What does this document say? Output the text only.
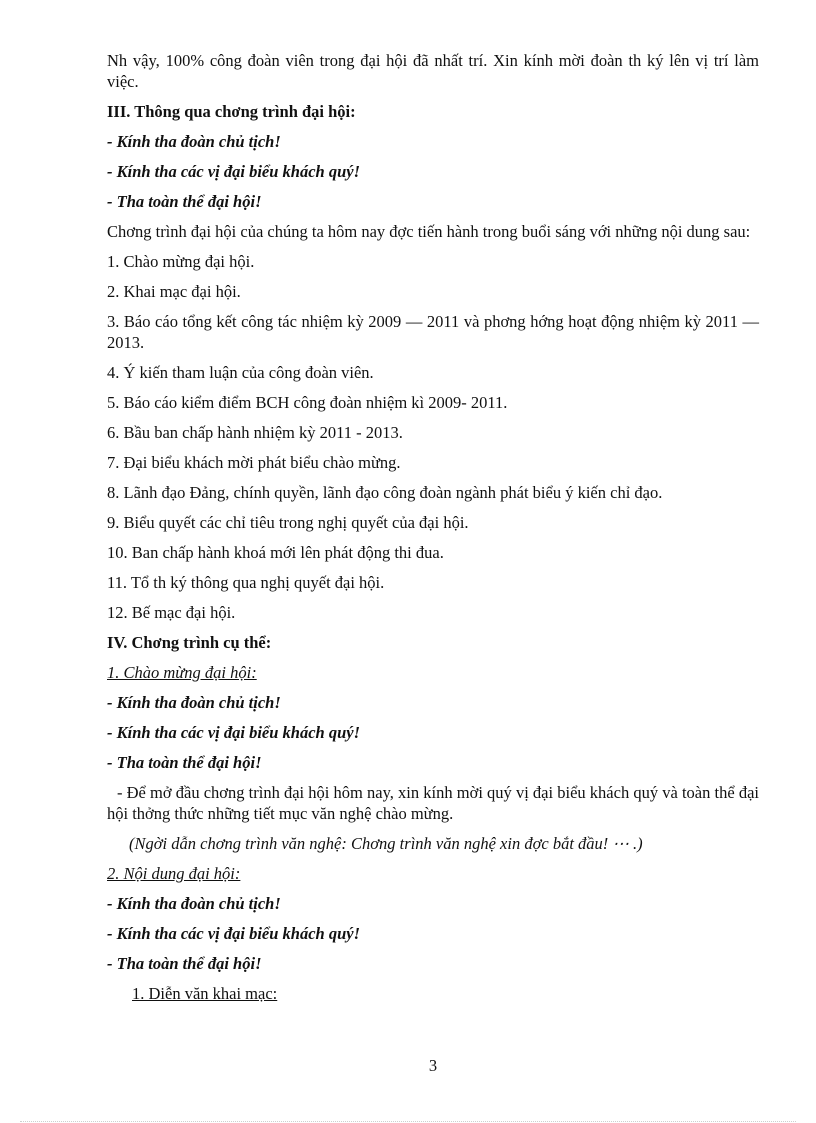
Nh vậy, 100% công đoàn viên trong đại hội đã nhất trí. Xin kính mời đoàn th ký lên vị trí làm việc.

III. Thông qua chơng trình đại hội:

- Kính tha đoàn chủ tịch!

- Kính tha các vị đại biểu khách quý!

- Tha toàn thể đại hội!

Chơng trình đại hội của chúng ta hôm nay đợc tiến hành trong buổi sáng với những nội dung sau:

1. Chào mừng đại hội.

2. Khai mạc đại hội.

3. Báo cáo tổng kết công tác nhiệm kỳ 2009 — 2011 và phơng hớng hoạt động nhiệm kỳ 2011 — 2013.

4. Ý kiến tham luận của công đoàn viên.

5. Báo cáo kiểm điểm BCH công đoàn nhiệm kì 2009- 2011.

6. Bầu ban chấp hành nhiệm kỳ 2011 - 2013.

7. Đại biểu khách mời phát biểu chào mừng.

8. Lãnh đạo Đảng, chính quyền, lãnh đạo công đoàn ngành phát biểu ý kiến chỉ đạo.

9. Biểu quyết các chỉ tiêu trong nghị quyết của đại hội.

10. Ban chấp hành khoá mới lên phát động thi đua.

11. Tổ th ký thông qua nghị quyết đại hội.

12. Bế mạc đại hội.

IV. Chơng trình cụ thể:

1. Chào mừng đại hội:

- Kính tha đoàn chủ tịch!

- Kính tha các vị đại biểu khách quý!

- Tha toàn thể đại hội!

- Để mở đầu chơng trình đại hội hôm nay, xin kính mời quý vị đại biểu khách quý và toàn thể đại hội thởng thức những tiết mục văn nghệ chào mừng.

(Ngời dẫn chơng trình văn nghệ: Chơng trình văn nghệ xin đợc bắt đầu! ⋯ .)

2. Nội dung đại hội:

- Kính tha đoàn chủ tịch!

- Kính tha các vị đại biểu khách quý!

- Tha toàn thể đại hội!

1. Diễn văn khai mạc:

3
